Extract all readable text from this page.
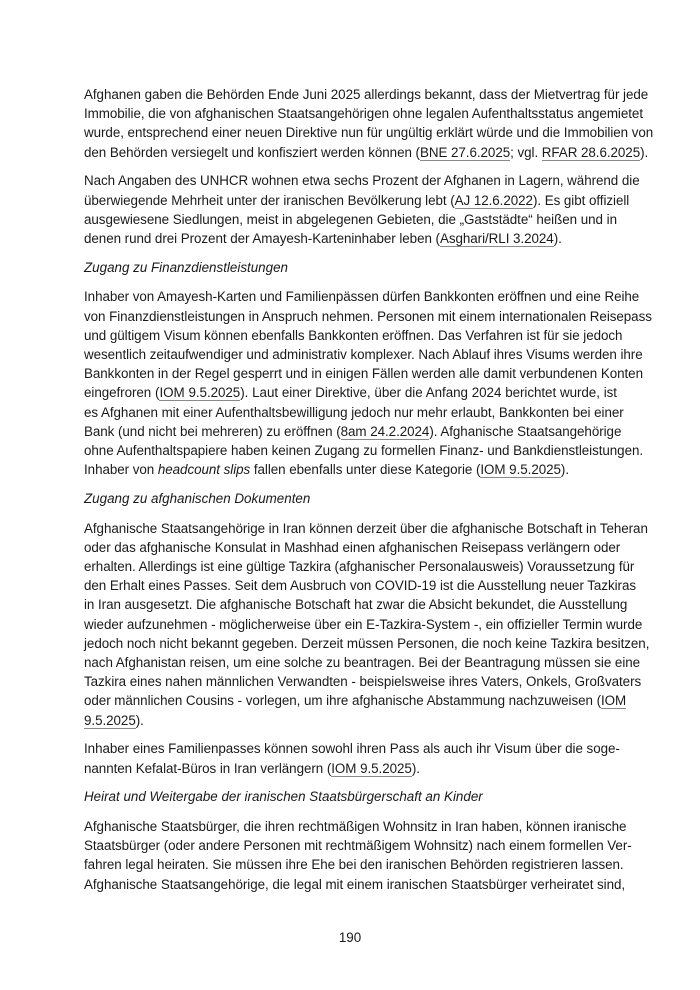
Afghanen gaben die Behörden Ende Juni 2025 allerdings bekannt, dass der Mietvertrag für jede
Immobilie, die von afghanischen Staatsangehörigen ohne legalen Aufenthaltsstatus angemietet
wurde, entsprechend einer neuen Direktive nun für ungültig erklärt würde und die Immobilien von
den Behörden versiegelt und konfisziert werden können (BNE 27.6.2025; vgl. RFAR 28.6.2025).
Nach Angaben des UNHCR wohnen etwa sechs Prozent der Afghanen in Lagern, während die
überwiegende Mehrheit unter der iranischen Bevölkerung lebt (AJ 12.6.2022). Es gibt offiziell
ausgewiesene Siedlungen, meist in abgelegenen Gebieten, die „Gaststädte“ heißen und in
denen rund drei Prozent der Amayesh-Karteninhaber leben (Asghari/RLI 3.2024).
Zugang zu Finanzdienstleistungen
Inhaber von Amayesh-Karten und Familienpässen dürfen Bankkonten eröffnen und eine Reihe
von Finanzdienstleistungen in Anspruch nehmen. Personen mit einem internationalen Reisepass
und gültigem Visum können ebenfalls Bankkonten eröffnen. Das Verfahren ist für sie jedoch
wesentlich zeitaufwendiger und administrativ komplexer. Nach Ablauf ihres Visums werden ihre
Bankkonten in der Regel gesperrt und in einigen Fällen werden alle damit verbundenen Konten
eingefroren (IOM 9.5.2025). Laut einer Direktive, über die Anfang 2024 berichtet wurde, ist
es Afghanen mit einer Aufenthaltsbewilligung jedoch nur mehr erlaubt, Bankkonten bei einer
Bank (und nicht bei mehreren) zu eröffnen (8am 24.2.2024). Afghanische Staatsangehörige
ohne Aufenthaltspapiere haben keinen Zugang zu formellen Finanz- und Bankdienstleistungen.
Inhaber von headcount slips fallen ebenfalls unter diese Kategorie (IOM 9.5.2025).
Zugang zu afghanischen Dokumenten
Afghanische Staatsangehörige in Iran können derzeit über die afghanische Botschaft in Teheran
oder das afghanische Konsulat in Mashhad einen afghanischen Reisepass verlängern oder
erhalten. Allerdings ist eine gültige Tazkira (afghanischer Personalausweis) Voraussetzung für
den Erhalt eines Passes. Seit dem Ausbruch von COVID-19 ist die Ausstellung neuer Tazkiras
in Iran ausgesetzt. Die afghanische Botschaft hat zwar die Absicht bekundet, die Ausstellung
wieder aufzunehmen - möglicherweise über ein E-Tazkira-System -, ein offizieller Termin wurde
jedoch noch nicht bekannt gegeben. Derzeit müssen Personen, die noch keine Tazkira besitzen,
nach Afghanistan reisen, um eine solche zu beantragen. Bei der Beantragung müssen sie eine
Tazkira eines nahen männlichen Verwandten - beispielsweise ihres Vaters, Onkels, Großvaters
oder männlichen Cousins - vorlegen, um ihre afghanische Abstammung nachzuweisen (IOM
9.5.2025).
Inhaber eines Familienpasses können sowohl ihren Pass als auch ihr Visum über die soge-
nannten Kefalat-Büros in Iran verlängern (IOM 9.5.2025).
Heirat und Weitergabe der iranischen Staatsbürgerschaft an Kinder
Afghanische Staatsbürger, die ihren rechtmäßigen Wohnsitz in Iran haben, können iranische
Staatsbürger (oder andere Personen mit rechtmäßigem Wohnsitz) nach einem formellen Ver-
fahren legal heiraten. Sie müssen ihre Ehe bei den iranischen Behörden registrieren lassen.
Afghanische Staatsangehörige, die legal mit einem iranischen Staatsbürger verheiratet sind,
190
